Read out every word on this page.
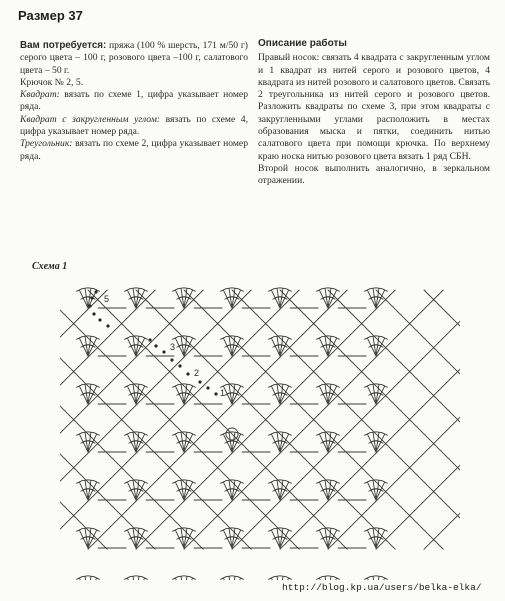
Размер 37

Вам потребуется: пряжа (100 % шерсть, 171 м/50 г) серого цвета – 100 г, розового цвета –100 г, салатового цвета – 50 г.

Крючок № 2, 5.

Квадрат: вязать по схеме 1, цифра указывает номер ряда.

Квадрат с закругленным углом: вязать по схеме 4, цифра указывает номер ряда.

Треугольник: вязать по схеме 2, цифра указывает номер ряда.

Описание работы

Правый носок: связать 4 квадрата с закругленным углом и 1 квадрат из нитей серого и розового цветов, 4 квадрата из нитей розового и салатового цветов. Связать 2 треугольника из нитей серого и розового цветов. Разложить квадраты по схеме 3, при этом квадраты с закругленными углами расположить в местах образования мыска и пятки, соединить нитью салатового цвета при помощи крючка. По верхнему краю носка нитью розового цвета вязать 1 ряд СБН.

Второй носок выполнить аналогично, в зеркальном отражении.

Схема 1
5
3
2
1
http://blog.kp.ua/users/belka-elka/
